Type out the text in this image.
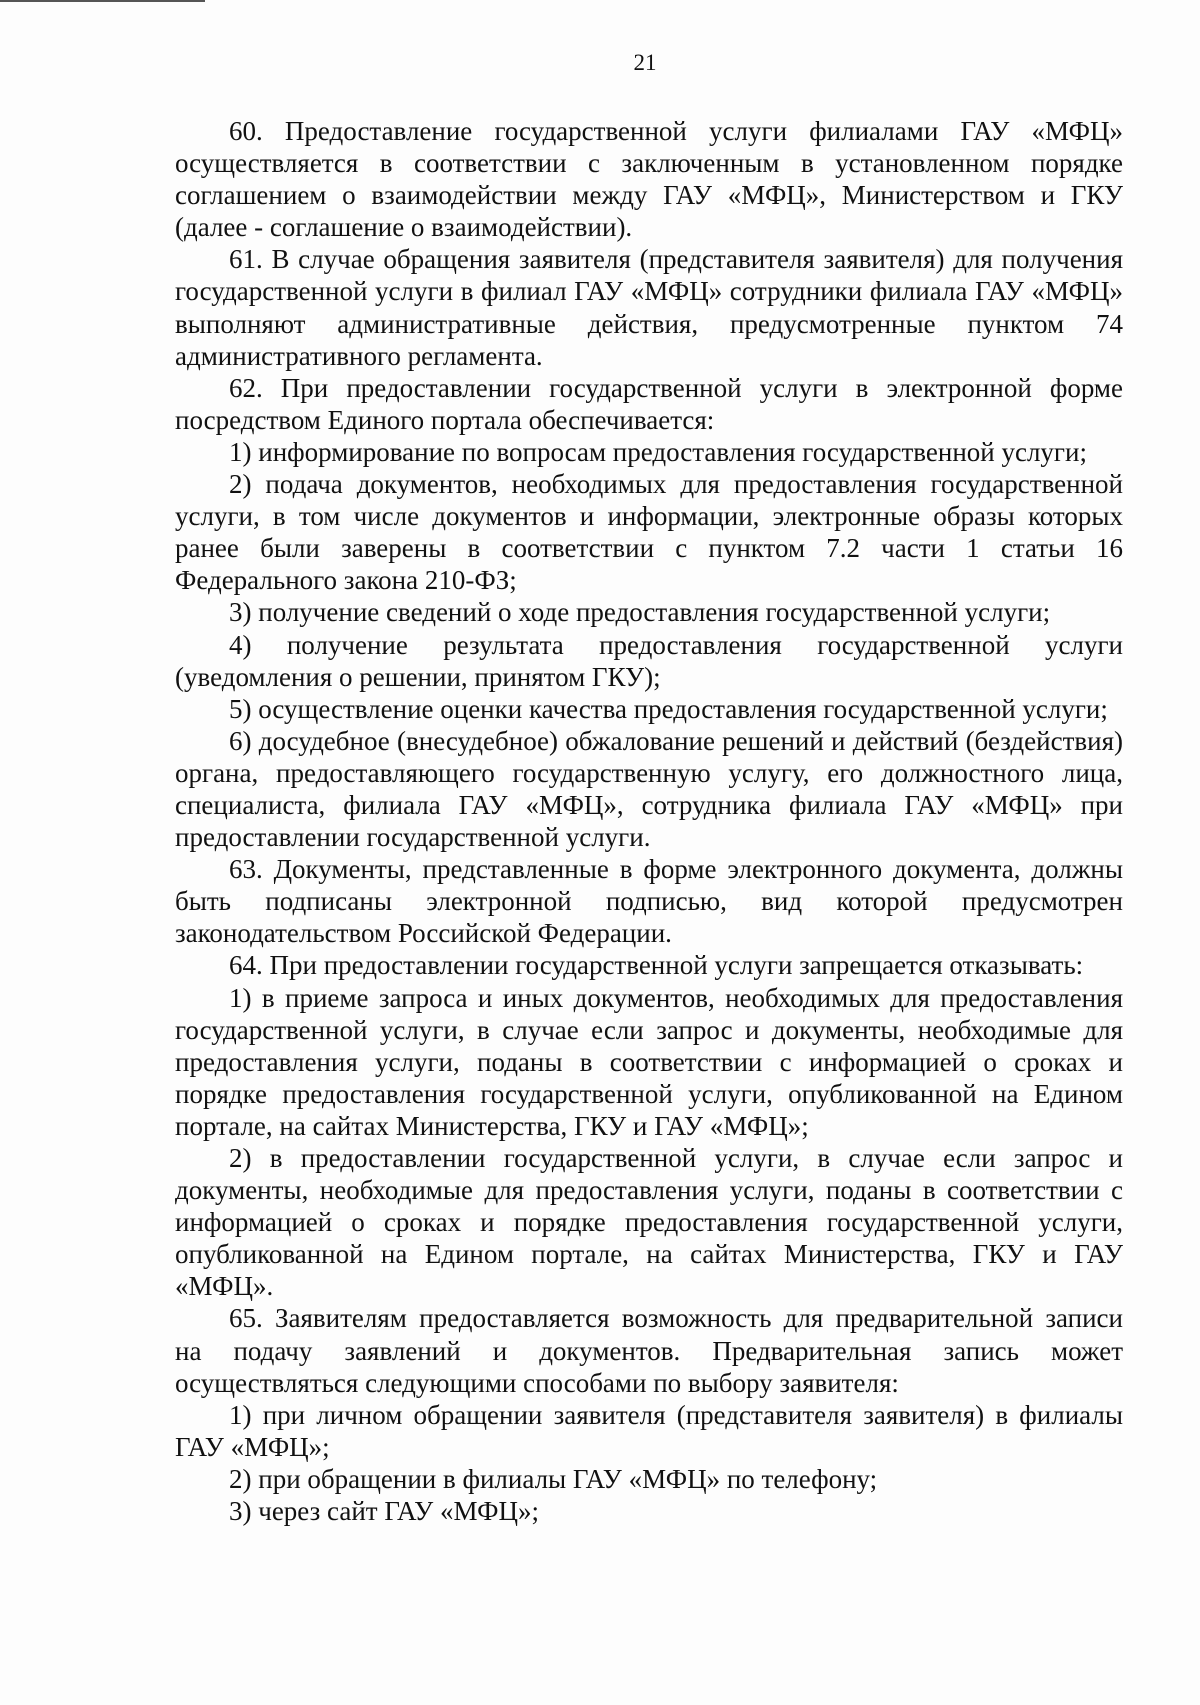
21

60. Предоставление государственной услуги филиалами ГАУ «МФЦ» осуществляется в соответствии с заключенным в установленном порядке соглашением о взаимодействии между ГАУ «МФЦ», Министерством и ГКУ (далее - соглашение о взаимодействии).

61. В случае обращения заявителя (представителя заявителя) для получения государственной услуги в филиал ГАУ «МФЦ» сотрудники филиала ГАУ «МФЦ» выполняют административные действия, предусмотренные пунктом 74 административного регламента.

62. При предоставлении государственной услуги в электронной форме посредством Единого портала обеспечивается:

1) информирование по вопросам предоставления государственной услуги;

2) подача документов, необходимых для предоставления государственной услуги, в том числе документов и информации, электронные образы которых ранее были заверены в соответствии с пунктом 7.2 части 1 статьи 16 Федерального закона 210-ФЗ;

3) получение сведений о ходе предоставления государственной услуги;

4) получение результата предоставления государственной услуги (уведомления о решении, принятом ГКУ);

5) осуществление оценки качества предоставления государственной услуги;

6) досудебное (внесудебное) обжалование решений и действий (бездействия) органа, предоставляющего государственную услугу, его должностного лица, специалиста, филиала ГАУ «МФЦ», сотрудника филиала ГАУ «МФЦ» при предоставлении государственной услуги.

63. Документы, представленные в форме электронного документа, должны быть подписаны электронной подписью, вид которой предусмотрен законодательством Российской Федерации.

64. При предоставлении государственной услуги запрещается отказывать:

1) в приеме запроса и иных документов, необходимых для предоставления государственной услуги, в случае если запрос и документы, необходимые для предоставления услуги, поданы в соответствии с информацией о сроках и порядке предоставления государственной услуги, опубликованной на Едином портале, на сайтах Министерства, ГКУ и ГАУ «МФЦ»;

2) в предоставлении государственной услуги, в случае если запрос и документы, необходимые для предоставления услуги, поданы в соответствии с информацией о сроках и порядке предоставления государственной услуги, опубликованной на Едином портале, на сайтах Министерства, ГКУ и ГАУ «МФЦ».

65. Заявителям предоставляется возможность для предварительной записи на подачу заявлений и документов. Предварительная запись может осуществляться следующими способами по выбору заявителя:

1) при личном обращении заявителя (представителя заявителя) в филиалы ГАУ «МФЦ»;

2) при обращении в филиалы ГАУ «МФЦ» по телефону;

3) через сайт ГАУ «МФЦ»;
